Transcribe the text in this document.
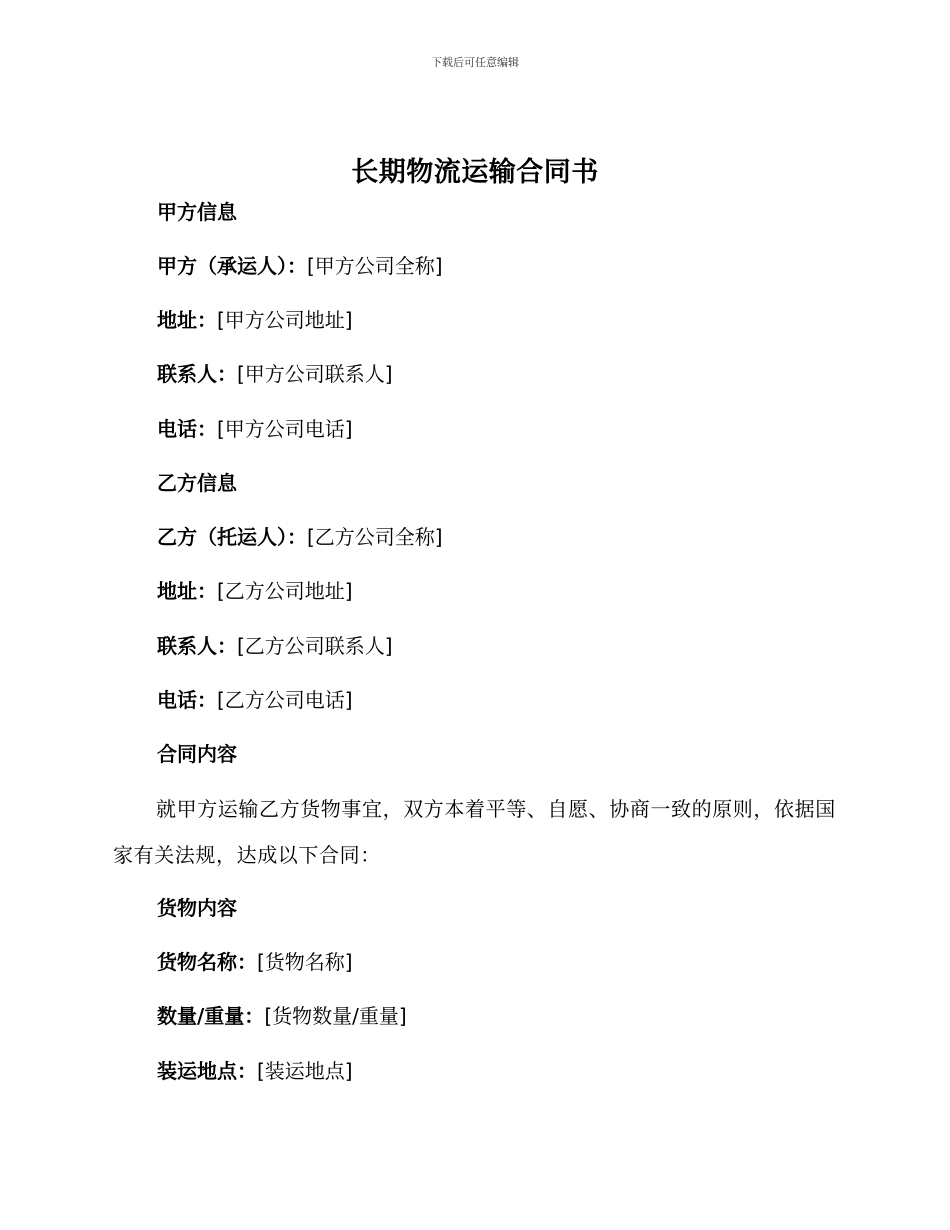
下载后可任意编辑
长期物流运输合同书
甲方信息
甲方（承运人）：[甲方公司全称]
地址：[甲方公司地址]
联系人：[甲方公司联系人]
电话：[甲方公司电话]
乙方信息
乙方（托运人）：[乙方公司全称]
地址：[乙方公司地址]
联系人：[乙方公司联系人]
电话：[乙方公司电话]
合同内容
就甲方运输乙方货物事宜，双方本着平等、自愿、协商一致的原则，依据国家有关法规，达成以下合同：
货物内容
货物名称：[货物名称]
数量/重量：[货物数量/重量]
装运地点：[装运地点]
